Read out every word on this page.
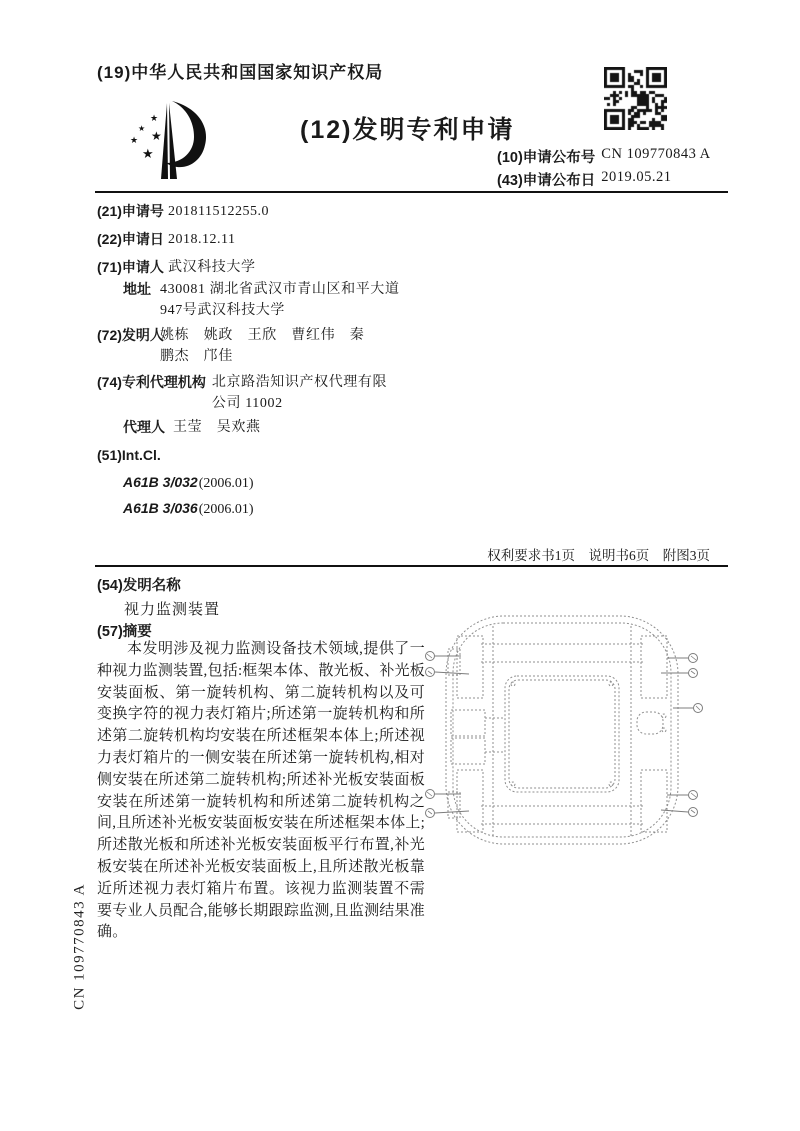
(19)中华人民共和国国家知识产权局
★
★
★
★
★
(12)发明专利申请
(10)申请公布号 CN 109770843 A
(43)申请公布日 2019.05.21
(21)申请号 201811512255.0
(22)申请日 2018.12.11
(71)申请人 武汉科技大学
地址 430081 湖北省武汉市青山区和平大道947号武汉科技大学
(72)发明人
姚栋　姚政　王欣　曹红伟　秦鹏杰　邝佳
(74)专利代理机构 北京路浩知识产权代理有限公司 11002
代理人 王莹　吴欢燕
(51)Int.Cl.
A61B 3/032(2006.01)
A61B 3/036(2006.01)
权利要求书1页　说明书6页　附图3页
(54)发明名称
视力监测装置
(57)摘要
本发明涉及视力监测设备技术领域,提供了一种视力监测装置,包括:框架本体、散光板、补光板安装面板、第一旋转机构、第二旋转机构以及可变换字符的视力表灯箱片;所述第一旋转机构和所述第二旋转机构均安装在所述框架本体上;所述视力表灯箱片的一侧安装在所述第一旋转机构,相对侧安装在所述第二旋转机构;所述补光板安装面板安装在所述第一旋转机构和所述第二旋转机构之间,且所述补光板安装面板安装在所述框架本体上;所述散光板和所述补光板安装面板平行布置,补光板安装在所述补光板安装面板上,且所述散光板靠近所述视力表灯箱片布置。该视力监测装置不需要专业人员配合,能够长期跟踪监测,且监测结果准确。
CN 109770843 A
